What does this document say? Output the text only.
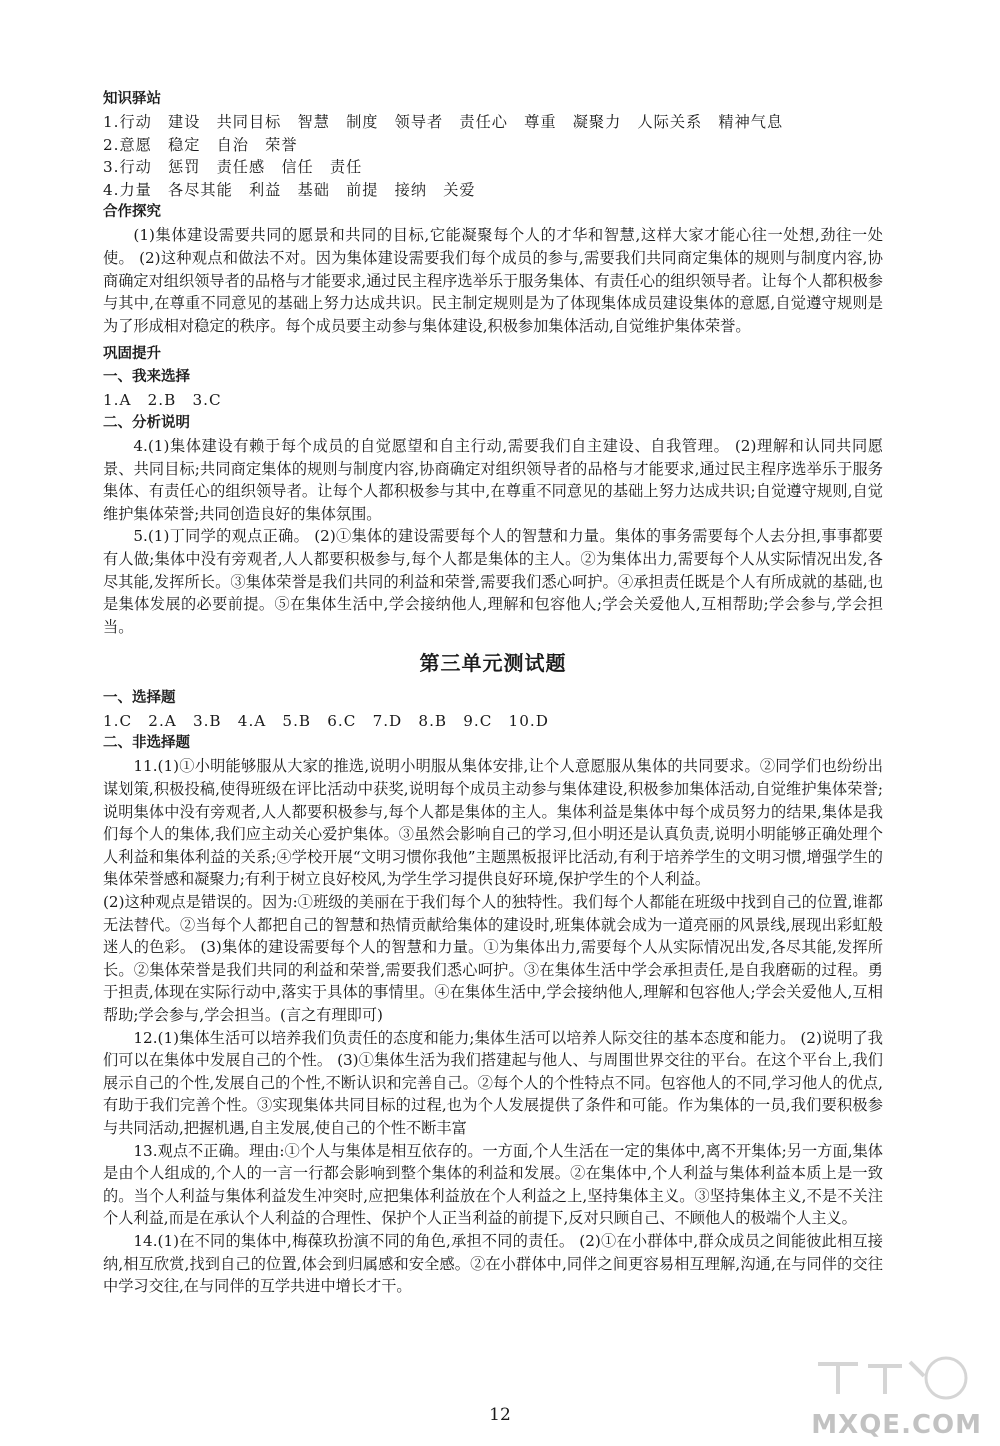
知识驿站

1.行动　建设　共同目标　智慧　制度　领导者　责任心　尊重　凝聚力　人际关系　精神气息

2.意愿　稳定　自治　荣誉

3.行动　惩罚　责任感　信任　责任

4.力量　各尽其能　利益　基础　前提　接纳　关爱

合作探究

(1)集体建设需要共同的愿景和共同的目标,它能凝聚每个人的才华和智慧,这样大家才能心往一处想,劲往一处使。 (2)这种观点和做法不对。因为集体建设需要我们每个成员的参与,需要我们共同商定集体的规则与制度内容,协商确定对组织领导者的品格与才能要求,通过民主程序选举乐于服务集体、有责任心的组织领导者。让每个人都积极参与其中,在尊重不同意见的基础上努力达成共识。民主制定规则是为了体现集体成员建设集体的意愿,自觉遵守规则是为了形成相对稳定的秩序。每个成员要主动参与集体建设,积极参加集体活动,自觉维护集体荣誉。

巩固提升

一、我来选择

1.A　2.B　3.C

二、分析说明

4.(1)集体建设有赖于每个成员的自觉愿望和自主行动,需要我们自主建设、自我管理。 (2)理解和认同共同愿景、共同目标;共同商定集体的规则与制度内容,协商确定对组织领导者的品格与才能要求,通过民主程序选举乐于服务集体、有责任心的组织领导者。让每个人都积极参与其中,在尊重不同意见的基础上努力达成共识;自觉遵守规则,自觉维护集体荣誉;共同创造良好的集体氛围。

5.(1)丁同学的观点正确。 (2)①集体的建设需要每个人的智慧和力量。集体的事务需要每个人去分担,事事都要有人做;集体中没有旁观者,人人都要积极参与,每个人都是集体的主人。②为集体出力,需要每个人从实际情况出发,各尽其能,发挥所长。③集体荣誉是我们共同的利益和荣誉,需要我们悉心呵护。④承担责任既是个人有所成就的基础,也是集体发展的必要前提。⑤在集体生活中,学会接纳他人,理解和包容他人;学会关爱他人,互相帮助;学会参与,学会担当。

第三单元测试题

一、选择题

1.C　2.A　3.B　4.A　5.B　6.C　7.D　8.B　9.C　10.D

二、非选择题

11.(1)①小明能够服从大家的推选,说明小明服从集体安排,让个人意愿服从集体的共同要求。②同学们也纷纷出谋划策,积极投稿,使得班级在评比活动中获奖,说明每个成员主动参与集体建设,积极参加集体活动,自觉维护集体荣誉;说明集体中没有旁观者,人人都要积极参与,每个人都是集体的主人。集体利益是集体中每个成员努力的结果,集体是我们每个人的集体,我们应主动关心爱护集体。③虽然会影响自己的学习,但小明还是认真负责,说明小明能够正确处理个人利益和集体利益的关系;④学校开展“文明习惯你我他”主题黑板报评比活动,有利于培养学生的文明习惯,增强学生的集体荣誉感和凝聚力;有利于树立良好校风,为学生学习提供良好环境,保护学生的个人利益。

(2)这种观点是错误的。因为:①班级的美丽在于我们每个人的独特性。我们每个人都能在班级中找到自己的位置,谁都无法替代。②当每个人都把自己的智慧和热情贡献给集体的建设时,班集体就会成为一道亮丽的风景线,展现出彩虹般迷人的色彩。 (3)集体的建设需要每个人的智慧和力量。①为集体出力,需要每个人从实际情况出发,各尽其能,发挥所长。②集体荣誉是我们共同的利益和荣誉,需要我们悉心呵护。③在集体生活中学会承担责任,是自我磨砺的过程。勇于担责,体现在实际行动中,落实于具体的事情里。④在集体生活中,学会接纳他人,理解和包容他人;学会关爱他人,互相帮助;学会参与,学会担当。(言之有理即可)

12.(1)集体生活可以培养我们负责任的态度和能力;集体生活可以培养人际交往的基本态度和能力。 (2)说明了我们可以在集体中发展自己的个性。 (3)①集体生活为我们搭建起与他人、与周围世界交往的平台。在这个平台上,我们展示自己的个性,发展自己的个性,不断认识和完善自己。②每个人的个性特点不同。包容他人的不同,学习他人的优点,有助于我们完善个性。③实现集体共同目标的过程,也为个人发展提供了条件和可能。作为集体的一员,我们要积极参与共同活动,把握机遇,自主发展,使自己的个性不断丰富

13.观点不正确。理由:①个人与集体是相互依存的。一方面,个人生活在一定的集体中,离不开集体;另一方面,集体是由个人组成的,个人的一言一行都会影响到整个集体的利益和发展。②在集体中,个人利益与集体利益本质上是一致的。当个人利益与集体利益发生冲突时,应把集体利益放在个人利益之上,坚持集体主义。③坚持集体主义,不是不关注个人利益,而是在承认个人利益的合理性、保护个人正当利益的前提下,反对只顾自己、不顾他人的极端个人主义。

14.(1)在不同的集体中,梅葆玖扮演不同的角色,承担不同的责任。 (2)①在小群体中,群众成员之间能彼此相互接纳,相互欣赏,找到自己的位置,体会到归属感和安全感。②在小群体中,同伴之间更容易相互理解,沟通,在与同伴的交往中学习交往,在与同伴的互学共进中增长才干。

12	MXQE.COM
